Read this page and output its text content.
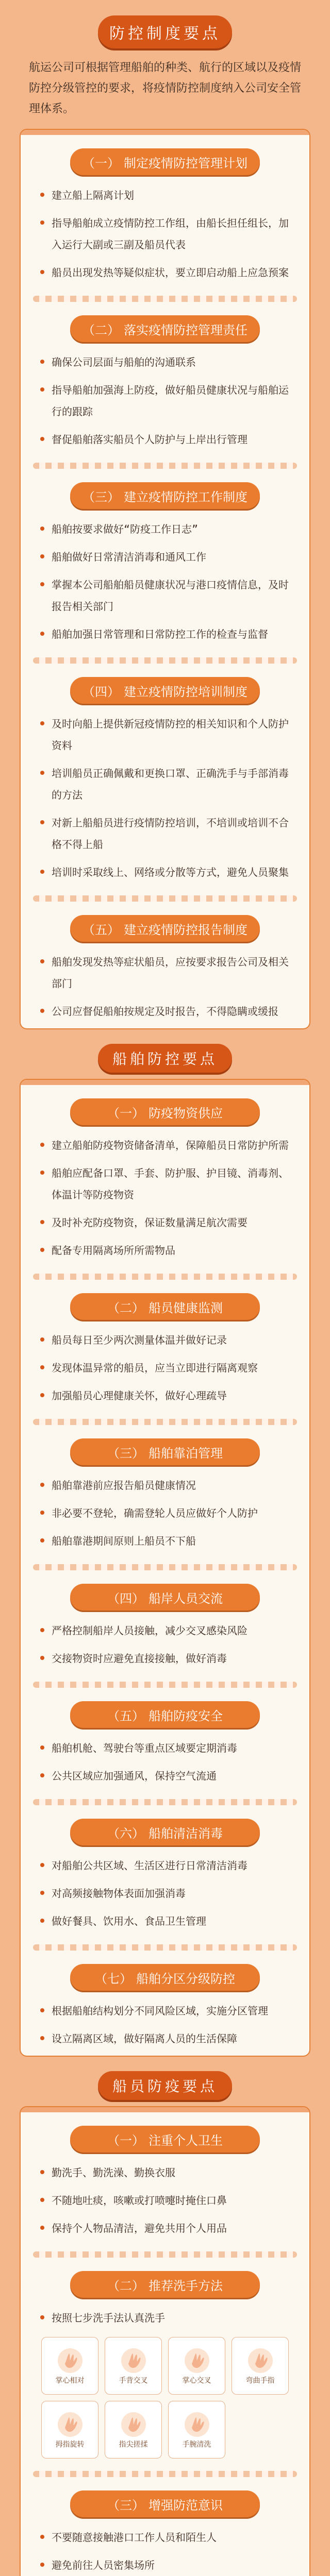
防控制度要点
航运公司可根据管理船舶的种类、航行的区域以及疫情防控分级管控的要求，将疫情防控制度纳入公司安全管理体系。
（一） 制定疫情防控管理计划
建立船上隔离计划
指导船舶成立疫情防控工作组，由船长担任组长，加入运行大副或三副及船员代表
船员出现发热等疑似症状，要立即启动船上应急预案
（二） 落实疫情防控管理责任
确保公司层面与船舶的沟通联系
指导船舶加强海上防疫，做好船员健康状况与船舶运行的跟踪
督促船舶落实船员个人防护与上岸出行管理
（三） 建立疫情防控工作制度
船舶按要求做好“防疫工作日志”
船舶做好日常清洁消毒和通风工作
掌握本公司船舶船员健康状况与港口疫情信息，及时报告相关部门
船舶加强日常管理和日常防控工作的检查与监督
（四） 建立疫情防控培训制度
及时向船上提供新冠疫情防控的相关知识和个人防护资料
培训船员正确佩戴和更换口罩、正确洗手与手部消毒的方法
对新上船船员进行疫情防控培训，不培训或培训不合格不得上船
培训时采取线上、网络或分散等方式，避免人员聚集
（五） 建立疫情防控报告制度
船舶发现发热等症状船员，应按要求报告公司及相关部门
公司应督促船舶按规定及时报告，不得隐瞒或缓报
船舶防控要点
（一） 防疫物资供应
建立船舶防疫物资储备清单，保障船员日常防护所需
船舶应配备口罩、手套、防护服、护目镜、消毒剂、体温计等防疫物资
及时补充防疫物资，保证数量满足航次需要
配备专用隔离场所所需物品
（二） 船员健康监测
船员每日至少两次测量体温并做好记录
发现体温异常的船员，应当立即进行隔离观察
加强船员心理健康关怀，做好心理疏导
（三） 船舶靠泊管理
船舶靠港前应报告船员健康情况
非必要不登轮，确需登轮人员应做好个人防护
船舶靠港期间原则上船员不下船
（四） 船岸人员交流
严格控制船岸人员接触，减少交叉感染风险
交接物资时应避免直接接触，做好消毒
（五） 船舶防疫安全
船舶机舱、驾驶台等重点区域要定期消毒
公共区域应加强通风，保持空气流通
（六） 船舶清洁消毒
对船舶公共区域、生活区进行日常清洁消毒
对高频接触物体表面加强消毒
做好餐具、饮用水、食品卫生管理
（七） 船舶分区分级防控
根据船舶结构划分不同风险区域，实施分区管理
设立隔离区域，做好隔离人员的生活保障
船员防疫要点
（一） 注重个人卫生
勤洗手、勤洗澡、勤换衣服
不随地吐痰，咳嗽或打喷嚏时掩住口鼻
保持个人物品清洁，避免共用个人用品
（二） 推荐洗手方法
按照七步洗手法认真洗手
掌心相对	手背交叉	掌心交叉	弯曲手指
拇指旋转	指尖搓揉	手腕清洗
（三） 增强防范意识
不要随意接触港口工作人员和陌生人
避免前往人员密集场所
